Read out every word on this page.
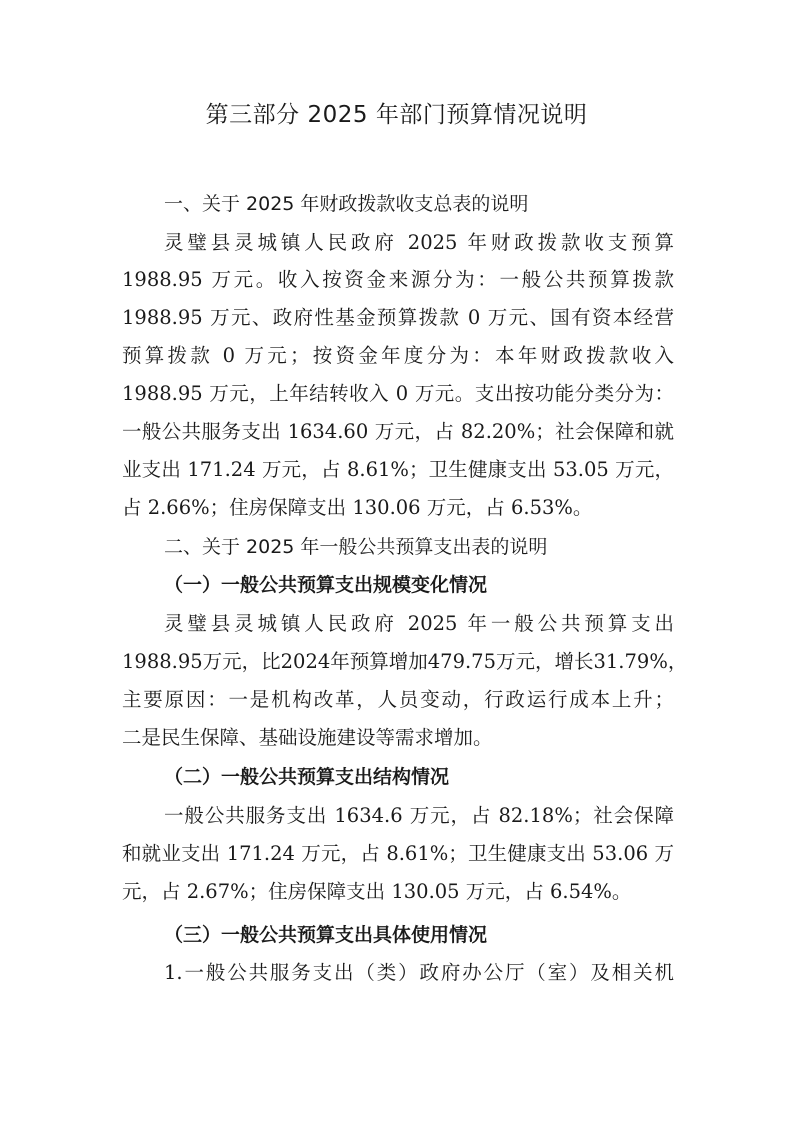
第三部分 2025 年部门预算情况说明
一、关于 2025 年财政拨款收支总表的说明
灵璧县灵城镇人民政府 2025 年财政拨款收支预算
1988.95 万元。收入按资金来源分为：一般公共预算拨款
1988.95 万元、政府性基金预算拨款 0 万元、国有资本经营
预算拨款 0 万元；按资金年度分为：本年财政拨款收入
1988.95 万元，上年结转收入 0 万元。支出按功能分类分为：
一般公共服务支出 1634.60 万元，占 82.20%；社会保障和就
业支出 171.24 万元，占 8.61%；卫生健康支出 53.05 万元，
占 2.66%；住房保障支出 130.06 万元，占 6.53%。
二、关于 2025 年一般公共预算支出表的说明
（一）一般公共预算支出规模变化情况
灵璧县灵城镇人民政府 2025 年一般公共预算支出
1988.95万元，比2024年预算增加479.75万元，增长31.79%，
主要原因：一是机构改革，人员变动，行政运行成本上升；
二是民生保障、基础设施建设等需求增加。
（二）一般公共预算支出结构情况
一般公共服务支出 1634.6 万元，占 82.18%；社会保障
和就业支出 171.24 万元，占 8.61%；卫生健康支出 53.06 万
元，占 2.67%；住房保障支出 130.05 万元，占 6.54%。
（三）一般公共预算支出具体使用情况
1.一般公共服务支出（类）政府办公厅（室）及相关机
